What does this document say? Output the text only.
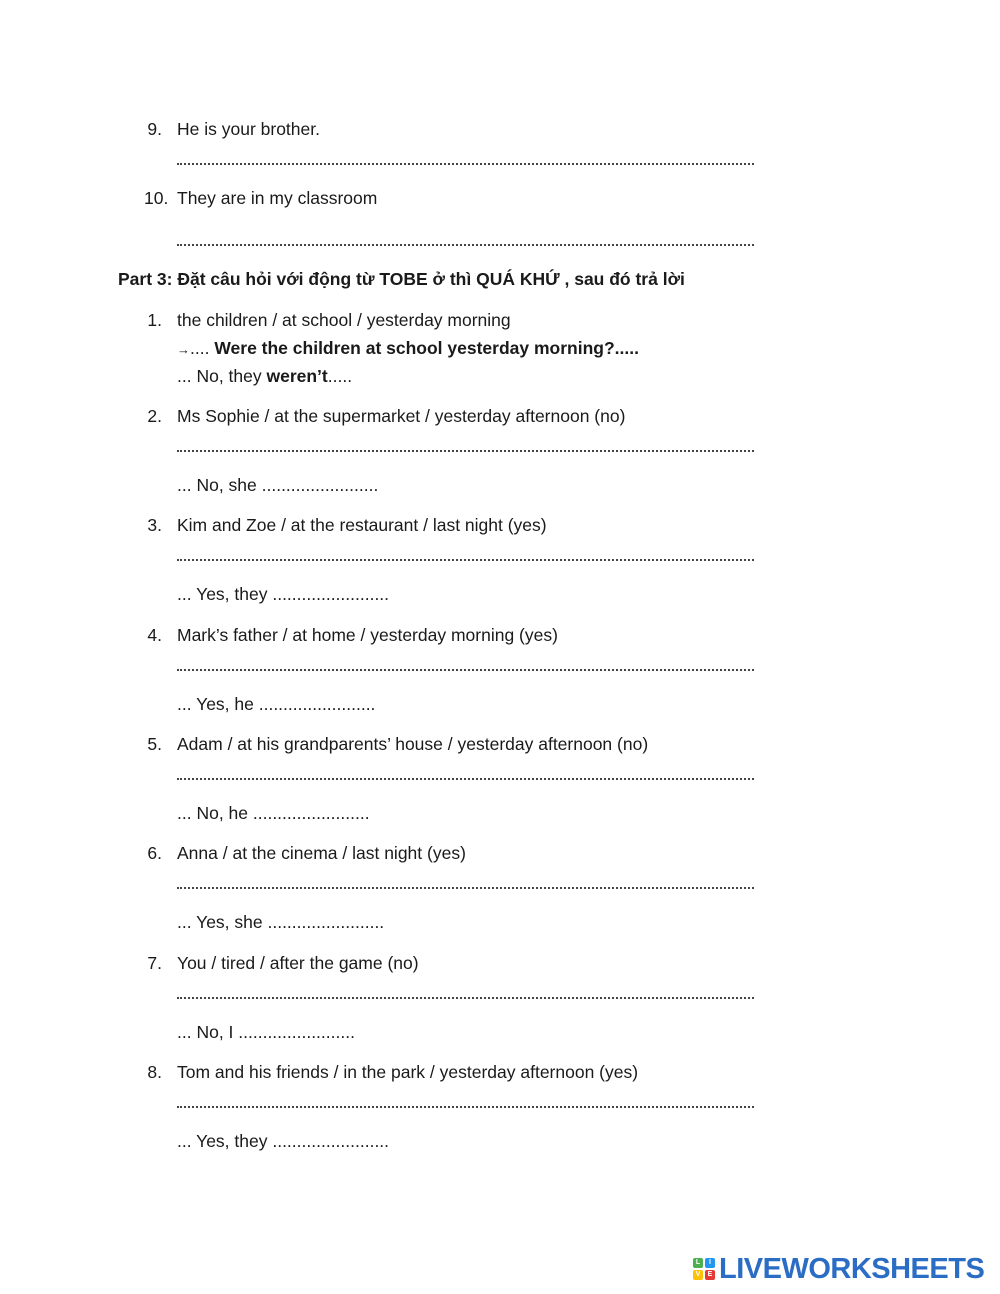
9. He is your brother.
10. They are in my classroom
Part 3: Đặt câu hỏi với động từ TOBE ở thì QUÁ KHỨ , sau đó trả lời
1. the children / at school / yesterday morning
→.... Were the children at school yesterday morning?.....
... No, they weren’t.....
2. Ms Sophie / at the supermarket / yesterday afternoon (no)
... No, she ........................
3. Kim and Zoe / at the restaurant / last night (yes)
... Yes, they ........................
4. Mark’s father / at home / yesterday morning (yes)
... Yes, he ........................
5. Adam / at his grandparents’ house / yesterday afternoon (no)
... No, he ........................
6. Anna / at the cinema / last night (yes)
... Yes, she ........................
7. You / tired / after the game (no)
... No, I ........................
8. Tom and his friends / in the park / yesterday afternoon (yes)
... Yes, they ........................
L	I
V	E LIVEWORKSHEETS
